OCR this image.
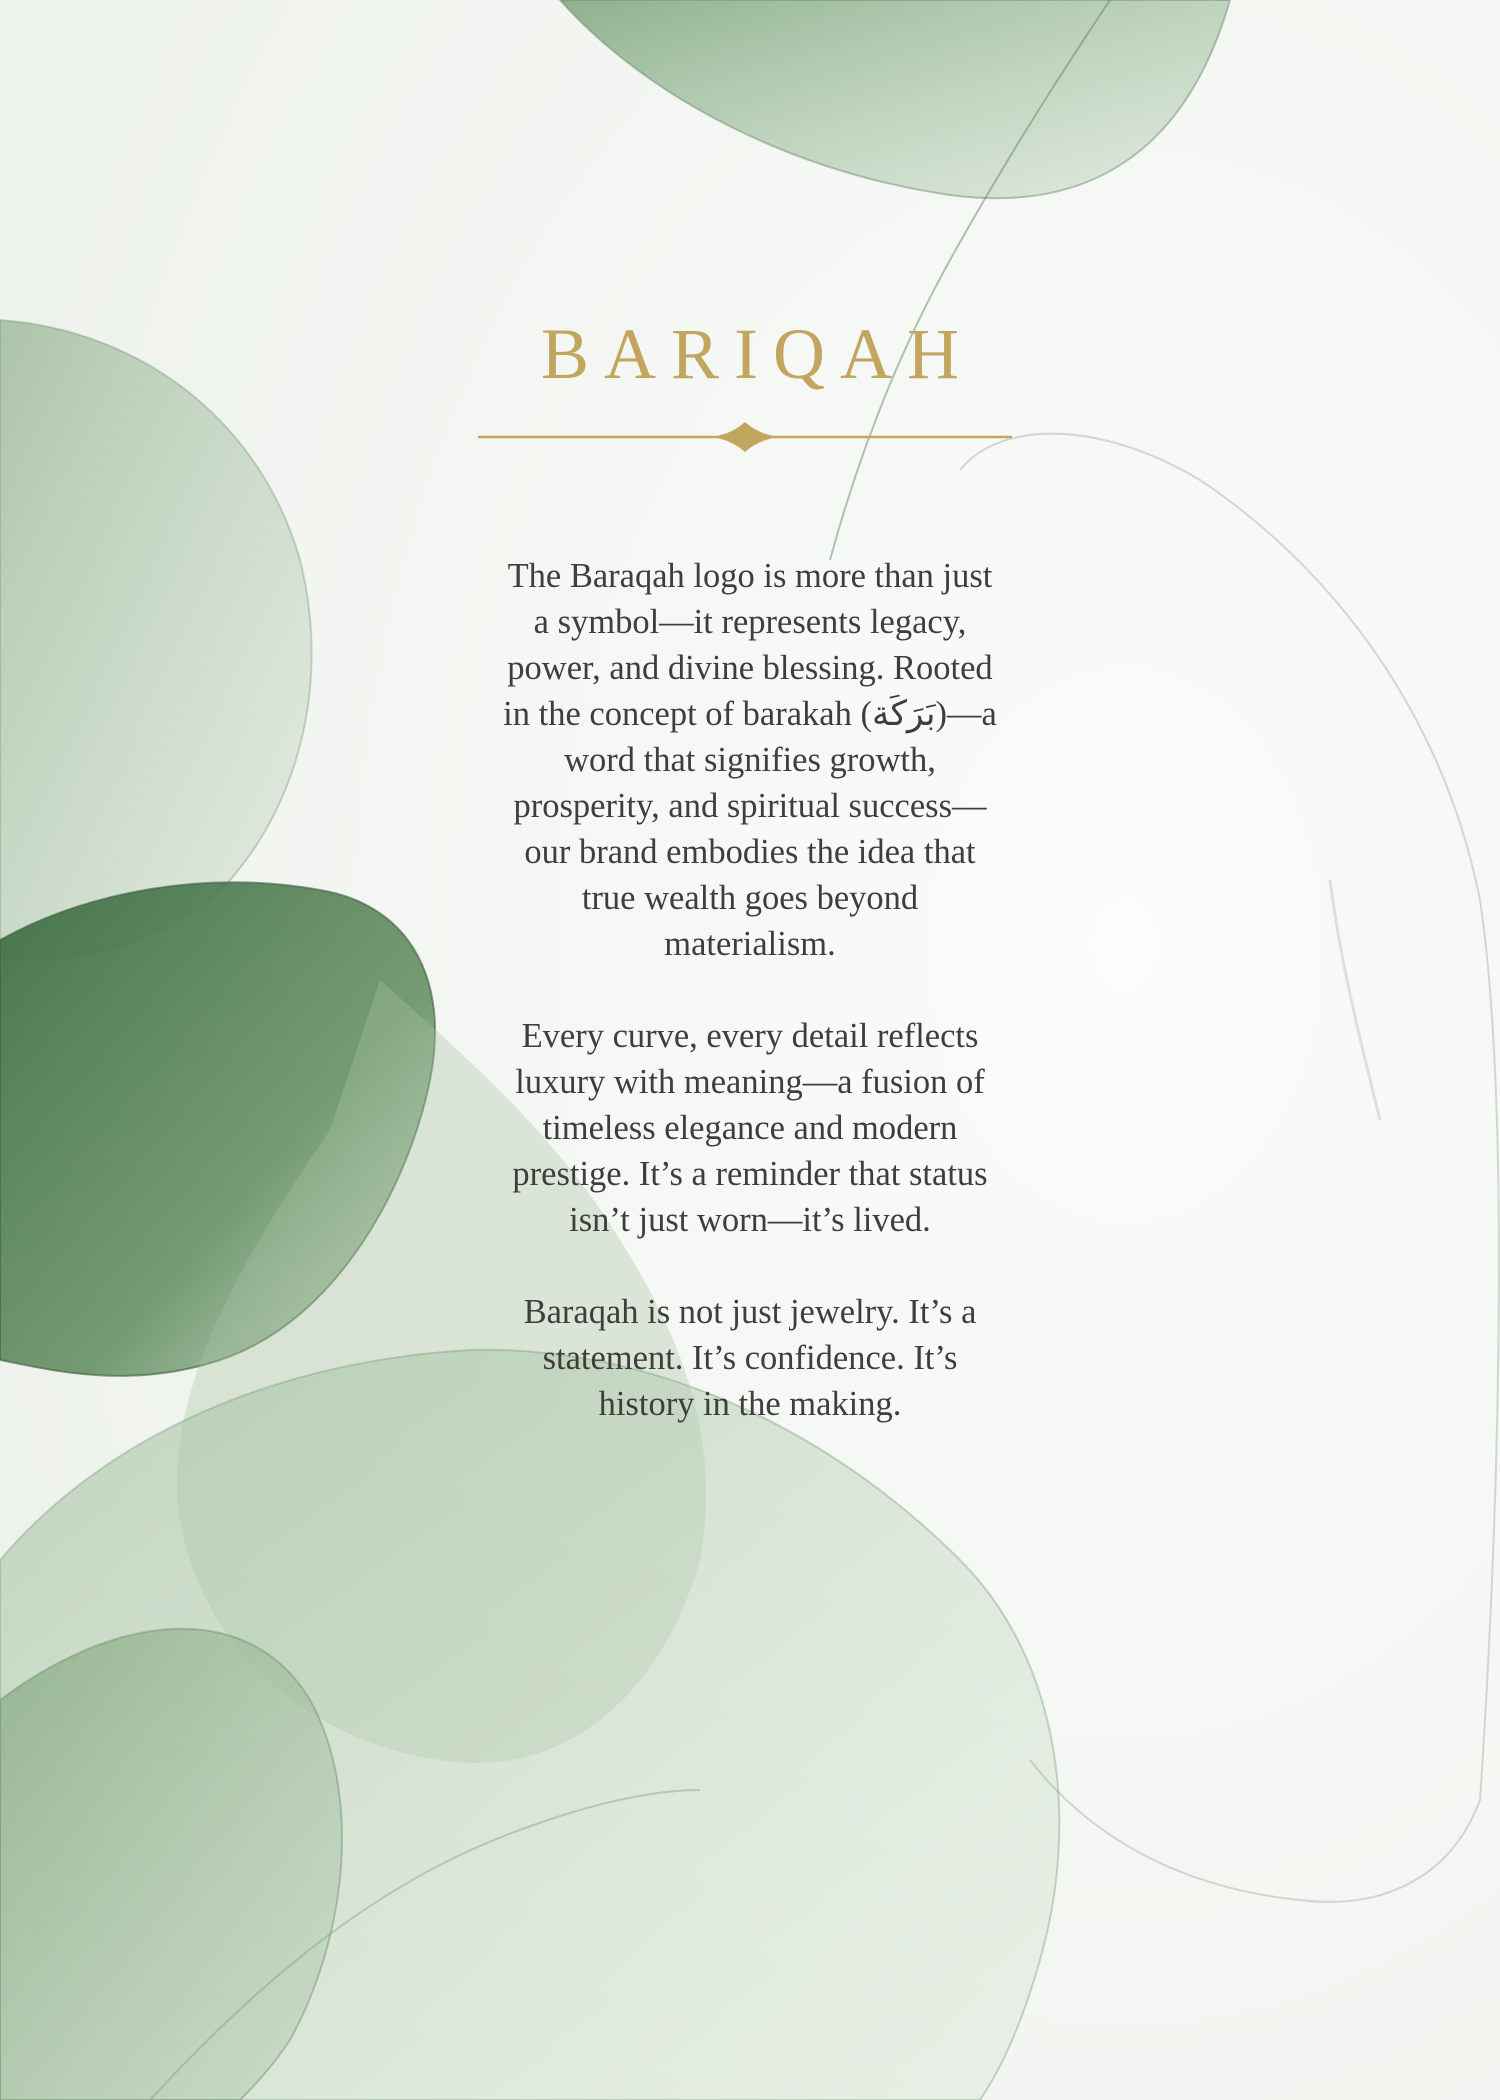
BARIQAH

The Baraqah logo is more than just a symbol—it represents legacy, power, and divine blessing. Rooted in the concept of barakah (بَرَكَة)—a word that signifies growth, prosperity, and spiritual success—our brand embodies the idea that true wealth goes beyond materialism.

Every curve, every detail reflects luxury with meaning—a fusion of timeless elegance and modern prestige. It’s a reminder that status isn’t just worn—it’s lived.

Baraqah is not just jewelry. It’s a statement. It’s confidence. It’s history in the making.
